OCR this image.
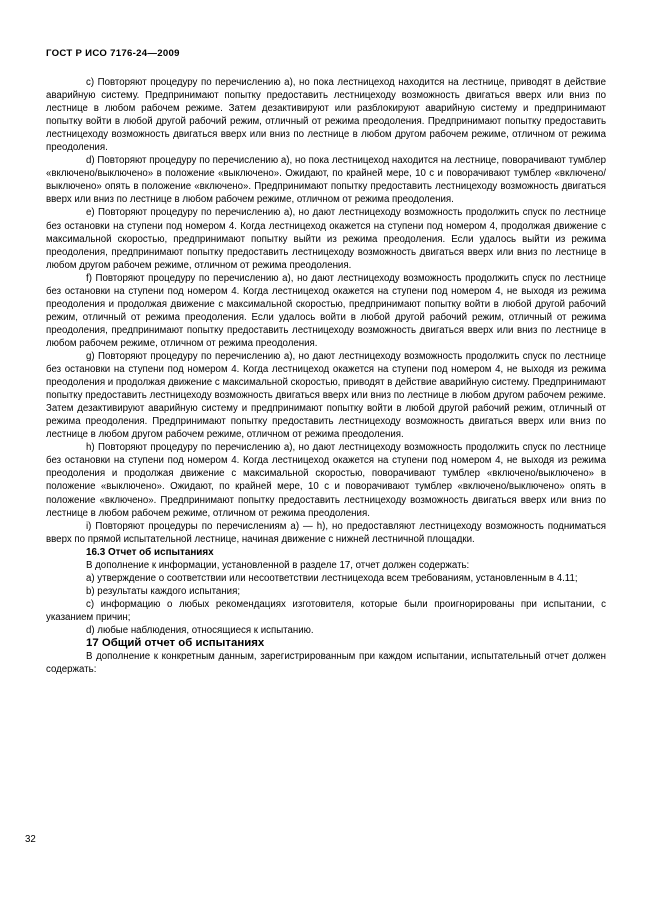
ГОСТ Р ИСО 7176-24—2009

c) Повторяют процедуру по перечислению a), но пока лестницеход находится на лестнице, приводят в действие аварийную систему. Предпринимают попытку предоставить лестницеходу возможность двигаться вверх или вниз по лестнице в любом рабочем режиме. Затем дезактивируют или разблокируют аварийную систему и предпринимают попытку войти в любой другой рабочий режим, отличный от режима преодоления. Предпринимают попытку предоставить лестницеходу возможность двигаться вверх или вниз по лестнице в любом другом рабочем режиме, отличном от режима преодоления.

d) Повторяют процедуру по перечислению a), но пока лестницеход находится на лестнице, поворачивают тумблер «включено/выключено» в положение «выключено». Ожидают, по крайней мере, 10 с и поворачивают тумблер «включено/выключено» опять в положение «включено». Предпринимают попытку предоставить лестницеходу возможность двигаться вверх или вниз по лестнице в любом рабочем режиме, отличном от режима преодоления.

e) Повторяют процедуру по перечислению a), но дают лестницеходу возможность продолжить спуск по лестнице без остановки на ступени под номером 4. Когда лестницеход окажется на ступени под номером 4, продолжая движение с максимальной скоростью, предпринимают попытку выйти из режима преодоления. Если удалось выйти из режима преодоления, предпринимают попытку предоставить лестницеходу возможность двигаться вверх или вниз по лестнице в любом другом рабочем режиме, отличном от режима преодоления.

f) Повторяют процедуру по перечислению a), но дают лестницеходу возможность продолжить спуск по лестнице без остановки на ступени под номером 4. Когда лестницеход окажется на ступени под номером 4, не выходя из режима преодоления и продолжая движение с максимальной скоростью, предпринимают попытку войти в любой другой рабочий режим, отличный от режима преодоления. Если удалось войти в любой другой рабочий режим, отличный от режима преодоления, предпринимают попытку предоставить лестницеходу возможность двигаться вверх или вниз по лестнице в любом рабочем режиме, отличном от режима преодоления.

g) Повторяют процедуру по перечислению a), но дают лестницеходу возможность продолжить спуск по лестнице без остановки на ступени под номером 4. Когда лестницеход окажется на ступени под номером 4, не выходя из режима преодоления и продолжая движение с максимальной скоростью, приводят в действие аварийную систему. Предпринимают попытку предоставить лестницеходу возможность двигаться вверх или вниз по лестнице в любом другом рабочем режиме. Затем дезактивируют аварийную систему и предпринимают попытку войти в любой другой рабочий режим, отличный от режима преодоления. Предпринимают попытку предоставить лестницеходу возможность двигаться вверх или вниз по лестнице в любом другом рабочем режиме, отличном от режима преодоления.

h) Повторяют процедуру по перечислению a), но дают лестницеходу возможность продолжить спуск по лестнице без остановки на ступени под номером 4. Когда лестницеход окажется на ступени под номером 4, не выходя из режима преодоления и продолжая движение с максимальной скоростью, поворачивают тумблер «включено/выключено» в положение «выключено». Ожидают, по крайней мере, 10 с и поворачивают тумблер «включено/выключено» опять в положение «включено». Предпринимают попытку предоставить лестницеходу возможность двигаться вверх или вниз по лестнице в любом рабочем режиме, отличном от режима преодоления.

i) Повторяют процедуры по перечислениям a) — h), но предоставляют лестницеходу возможность подниматься вверх по прямой испытательной лестнице, начиная движение с нижней лестничной площадки.

16.3 Отчет об испытаниях

В дополнение к информации, установленной в разделе 17, отчет должен содержать:

a) утверждение о соответствии или несоответствии лестницехода всем требованиям, установленным в 4.11;

b) результаты каждого испытания;

c) информацию о любых рекомендациях изготовителя, которые были проигнорированы при испытании, с указанием причин;

d) любые наблюдения, относящиеся к испытанию.

17 Общий отчет об испытаниях

В дополнение к конкретным данным, зарегистрированным при каждом испытании, испытательный отчет должен содержать:

32
